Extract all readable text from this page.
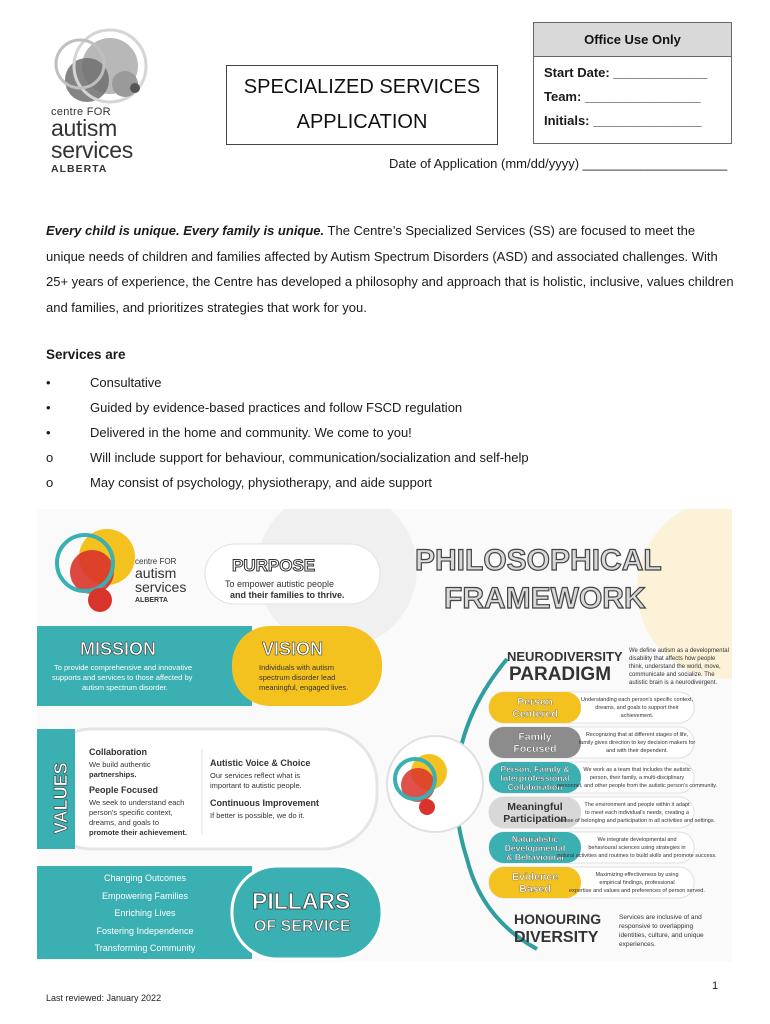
centre FOR
autism
services
ALBERTA
SPECIALIZED SERVICES
APPLICATION
Office Use Only
Start Date: _____________
Team: ________________
Initials: _______________
Date of Application (mm/dd/yyyy) ____________________
Every child is unique. Every family is unique. The Centre’s Specialized Services (SS) are focused to meet the unique needs of children and families affected by Autism Spectrum Disorders (ASD) and associated challenges. With 25+ years of experience, the Centre has developed a philosophy and approach that is holistic, inclusive, values children and families, and prioritizes strategies that work for you.
Services are
•	Consultative
•	Guided by evidence-based practices and follow FSCD regulation
•	Delivered in the home and community. We come to you!
o	Will include support for behaviour, communication/socialization and self-help
o	May consist of psychology, physiotherapy, and aide support
centre FOR
autism
services
ALBERTA
PURPOSE
To empower autistic people
and their families to thrive.
PHILOSOPHICAL
FRAMEWORK
MISSION
To provide comprehensive and innovative
supports and services to those affected by
autism spectrum disorder.
VISION
Individuals with autism
spectrum disorder lead
meaningful, engaged lives.
VALUES
Collaboration
We build authentic
partnerships.
People Focused
We seek to understand each
person's specific context,
dreams, and goals to
promote their achievement.
Autistic Voice & Choice
Our services reflect what is
important to autistic people.
Continuous Improvement
If better is possible, we do it.
Changing Outcomes
Empowering Families
Enriching Lives
Fostering Independence
Transforming Community
PILLARS
OF SERVICE
NEURODIVERSITY
PARADIGM
We define autism as a developmental
disability that affects how people
think, understand the world, move,
communicate and socialize. The
autistic brain is a neurodivergent.
Person
Centered
Understanding each person's specific context,
dreams, and goals to support their
achievement.
Family
Focused
Recognizing that at different stages of life,
family gives direction to key decision makers for
and with their dependent.
Person, Family &
Interprofessional
Collaboration
We work as a team that includes the autistic
person, their family, a multi-disciplinary
personnel, and other people from the autistic person's community.
Meaningful
Participation
The environment and people within it adapt
to meet each individual's needs, creating a
sense of belonging and participation in all activities and settings.
Naturalistic
Developmental
& Behavioural
We integrate developmental and
behavioural sciences using strategies in
natural activities and routines to build skills and promote success.
Evidence
Based
Maximizing effectiveness by using
empirical findings, professional
expertise and values and preferences of person served.
HONOURING
DIVERSITY
Services are inclusive of and
responsive to overlapping
identities, culture, and unique
experiences.
Last reviewed: January 2022
1
